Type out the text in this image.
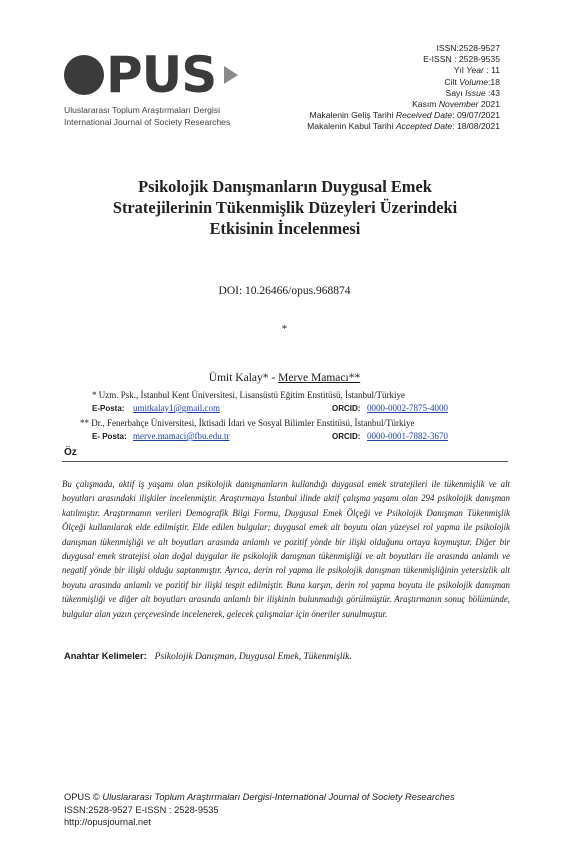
PUS
Uluslararası Toplum Araştırmaları Dergisi
International Journal of Society Researches
ISSN:2528-9527
E-ISSN : 2528-9535
Yıl Year : 11
Cilt Volume:18
Sayı Issue :43
Kasım November 2021
Makalenin Geliş Tarihi Received Date: 09/07/2021
Makalenin Kabul Tarihi Accepted Date: 18/08/2021
Psikolojik Danışmanların Duygusal Emek
Stratejilerinin Tükenmişlik Düzeyleri Üzerindeki
Etkisinin İncelenmesi
DOI: 10.26466/opus.968874
*
Ümit Kalay* - Merve Mamacı**
* Uzm. Psk., İstanbul Kent Üniversitesi, Lisansüstü Eğitim Enstitüsü, İstanbul/Türkiye
E-Posta: umitkalay1@gmail.com	ORCID: 0000-0002-7875-4000
** Dr., Fenerbahçe Üniversitesi, İktisadi İdari ve Sosyal Bilimler Enstitüsü, İstanbul/Türkiye
E- Posta: merve.mamaci@fbu.edu.tr	ORCID: 0000-0001-7882-3670
Öz
Bu çalışmada, aktif iş yaşamı olan psikolojik danışmanların kullandığı duygusal emek stratejileri ile tükenmişlik ve alt boyutları arasındaki ilişkiler incelenmiştir. Araştırmaya İstanbul ilinde aktif çalışma yaşamı olan 294 psikolojik danışman katılmıştır. Araştırmanın verileri Demografik Bilgi Formu, Duygusal Emek Ölçeği ve Psikolojik Danışman Tükenmişlik Ölçeği kullanılarak elde edilmiştir. Elde edilen bulgular; duygusal emek alt boyutu olan yüzeysel rol yapma ile psikolojik danışman tükenmişliği ve alt boyutları arasında anlamlı ve pozitif yönde bir ilişki olduğunu ortaya koymuştur. Diğer bir duygusal emek stratejisi olan doğal duygular ile psikolojik danışman tükenmişliği ve alt boyutları ile arasında anlamlı ve negatif yönde bir ilişki olduğu saptanmıştır. Ayrıca, derin rol yapma ile psikolojik danışman tükenmişliğinin yetersizlik alt boyutu arasında anlamlı ve pozitif bir ilişki tespit edilmiştir. Buna karşın, derin rol yapma boyutu ile psikolojik danışman tükenmişliği ve diğer alt boyutları arasında anlamlı bir ilişkinin bulunmadığı görülmüştür. Araştırmanın sonuç bölümünde, bulgular alan yazın çerçevesinde incelenerek, gelecek çalışmalar için öneriler sunulmuştur.
Anahtar Kelimeler: Psikolojik Danışman, Duygusal Emek, Tükenmişlik.
OPUS © Uluslararası Toplum Araştırmaları Dergisi-International Journal of Society Researches
ISSN:2528-9527 E-ISSN : 2528-9535
http://opusjournal.net
